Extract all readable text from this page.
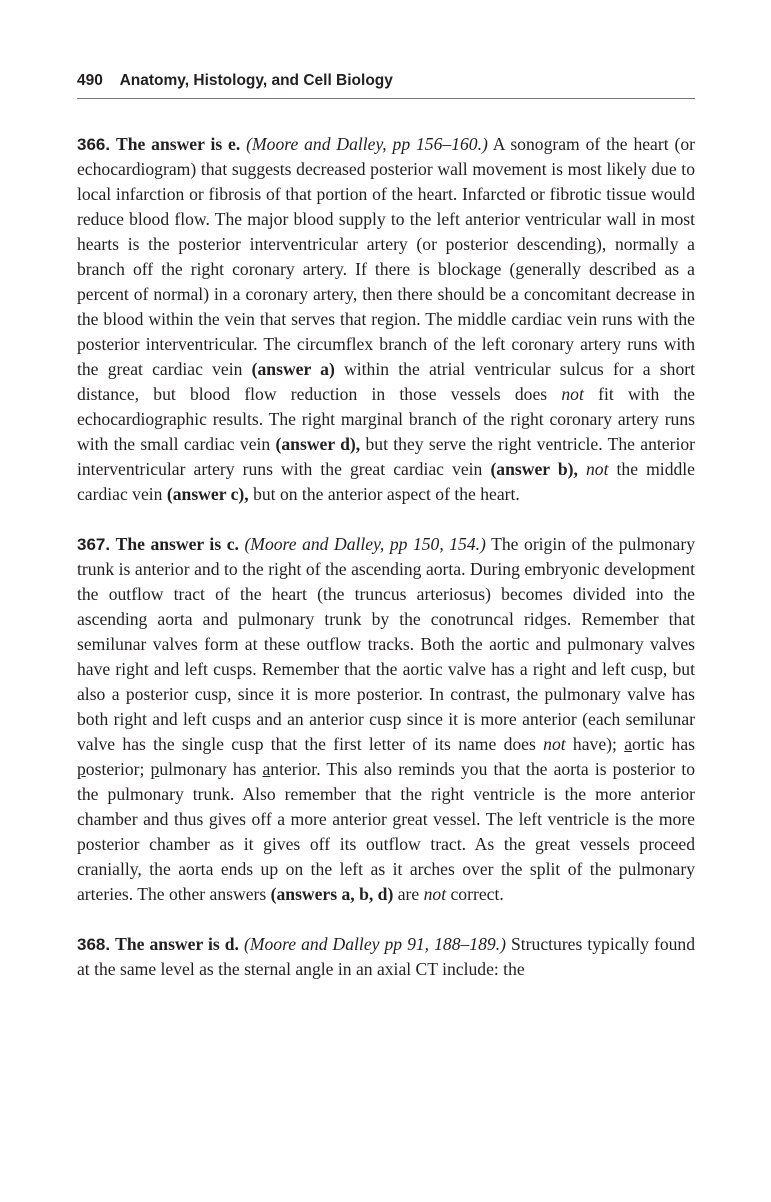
490 Anatomy, Histology, and Cell Biology

366. The answer is e. (Moore and Dalley, pp 156–160.) A sonogram of the heart (or echocardiogram) that suggests decreased posterior wall movement is most likely due to local infarction or fibrosis of that portion of the heart. Infarcted or fibrotic tissue would reduce blood flow. The major blood supply to the left anterior ventricular wall in most hearts is the posterior interventricular artery (or posterior descending), normally a branch off the right coronary artery. If there is blockage (generally described as a percent of normal) in a coronary artery, then there should be a concomitant decrease in the blood within the vein that serves that region. The middle cardiac vein runs with the posterior interventricular. The circumflex branch of the left coronary artery runs with the great cardiac vein (answer a) within the atrial ventricular sulcus for a short distance, but blood flow reduction in those vessels does not fit with the echocardiographic results. The right marginal branch of the right coronary artery runs with the small cardiac vein (answer d), but they serve the right ventricle. The anterior interventricular artery runs with the great cardiac vein (answer b), not the middle cardiac vein (answer c), but on the anterior aspect of the heart.

367. The answer is c. (Moore and Dalley, pp 150, 154.) The origin of the pulmonary trunk is anterior and to the right of the ascending aorta. During embryonic development the outflow tract of the heart (the truncus arteriosus) becomes divided into the ascending aorta and pulmonary trunk by the conotruncal ridges. Remember that semilunar valves form at these outflow tracks. Both the aortic and pulmonary valves have right and left cusps. Remember that the aortic valve has a right and left cusp, but also a posterior cusp, since it is more posterior. In contrast, the pulmonary valve has both right and left cusps and an anterior cusp since it is more anterior (each semilunar valve has the single cusp that the first letter of its name does not have); aortic has posterior; pulmonary has anterior. This also reminds you that the aorta is posterior to the pulmonary trunk. Also remember that the right ventricle is the more anterior chamber and thus gives off a more anterior great vessel. The left ventricle is the more posterior chamber as it gives off its outflow tract. As the great vessels proceed cranially, the aorta ends up on the left as it arches over the split of the pulmonary arteries. The other answers (answers a, b, d) are not correct.

368. The answer is d. (Moore and Dalley pp 91, 188–189.) Structures typically found at the same level as the sternal angle in an axial CT include: the
